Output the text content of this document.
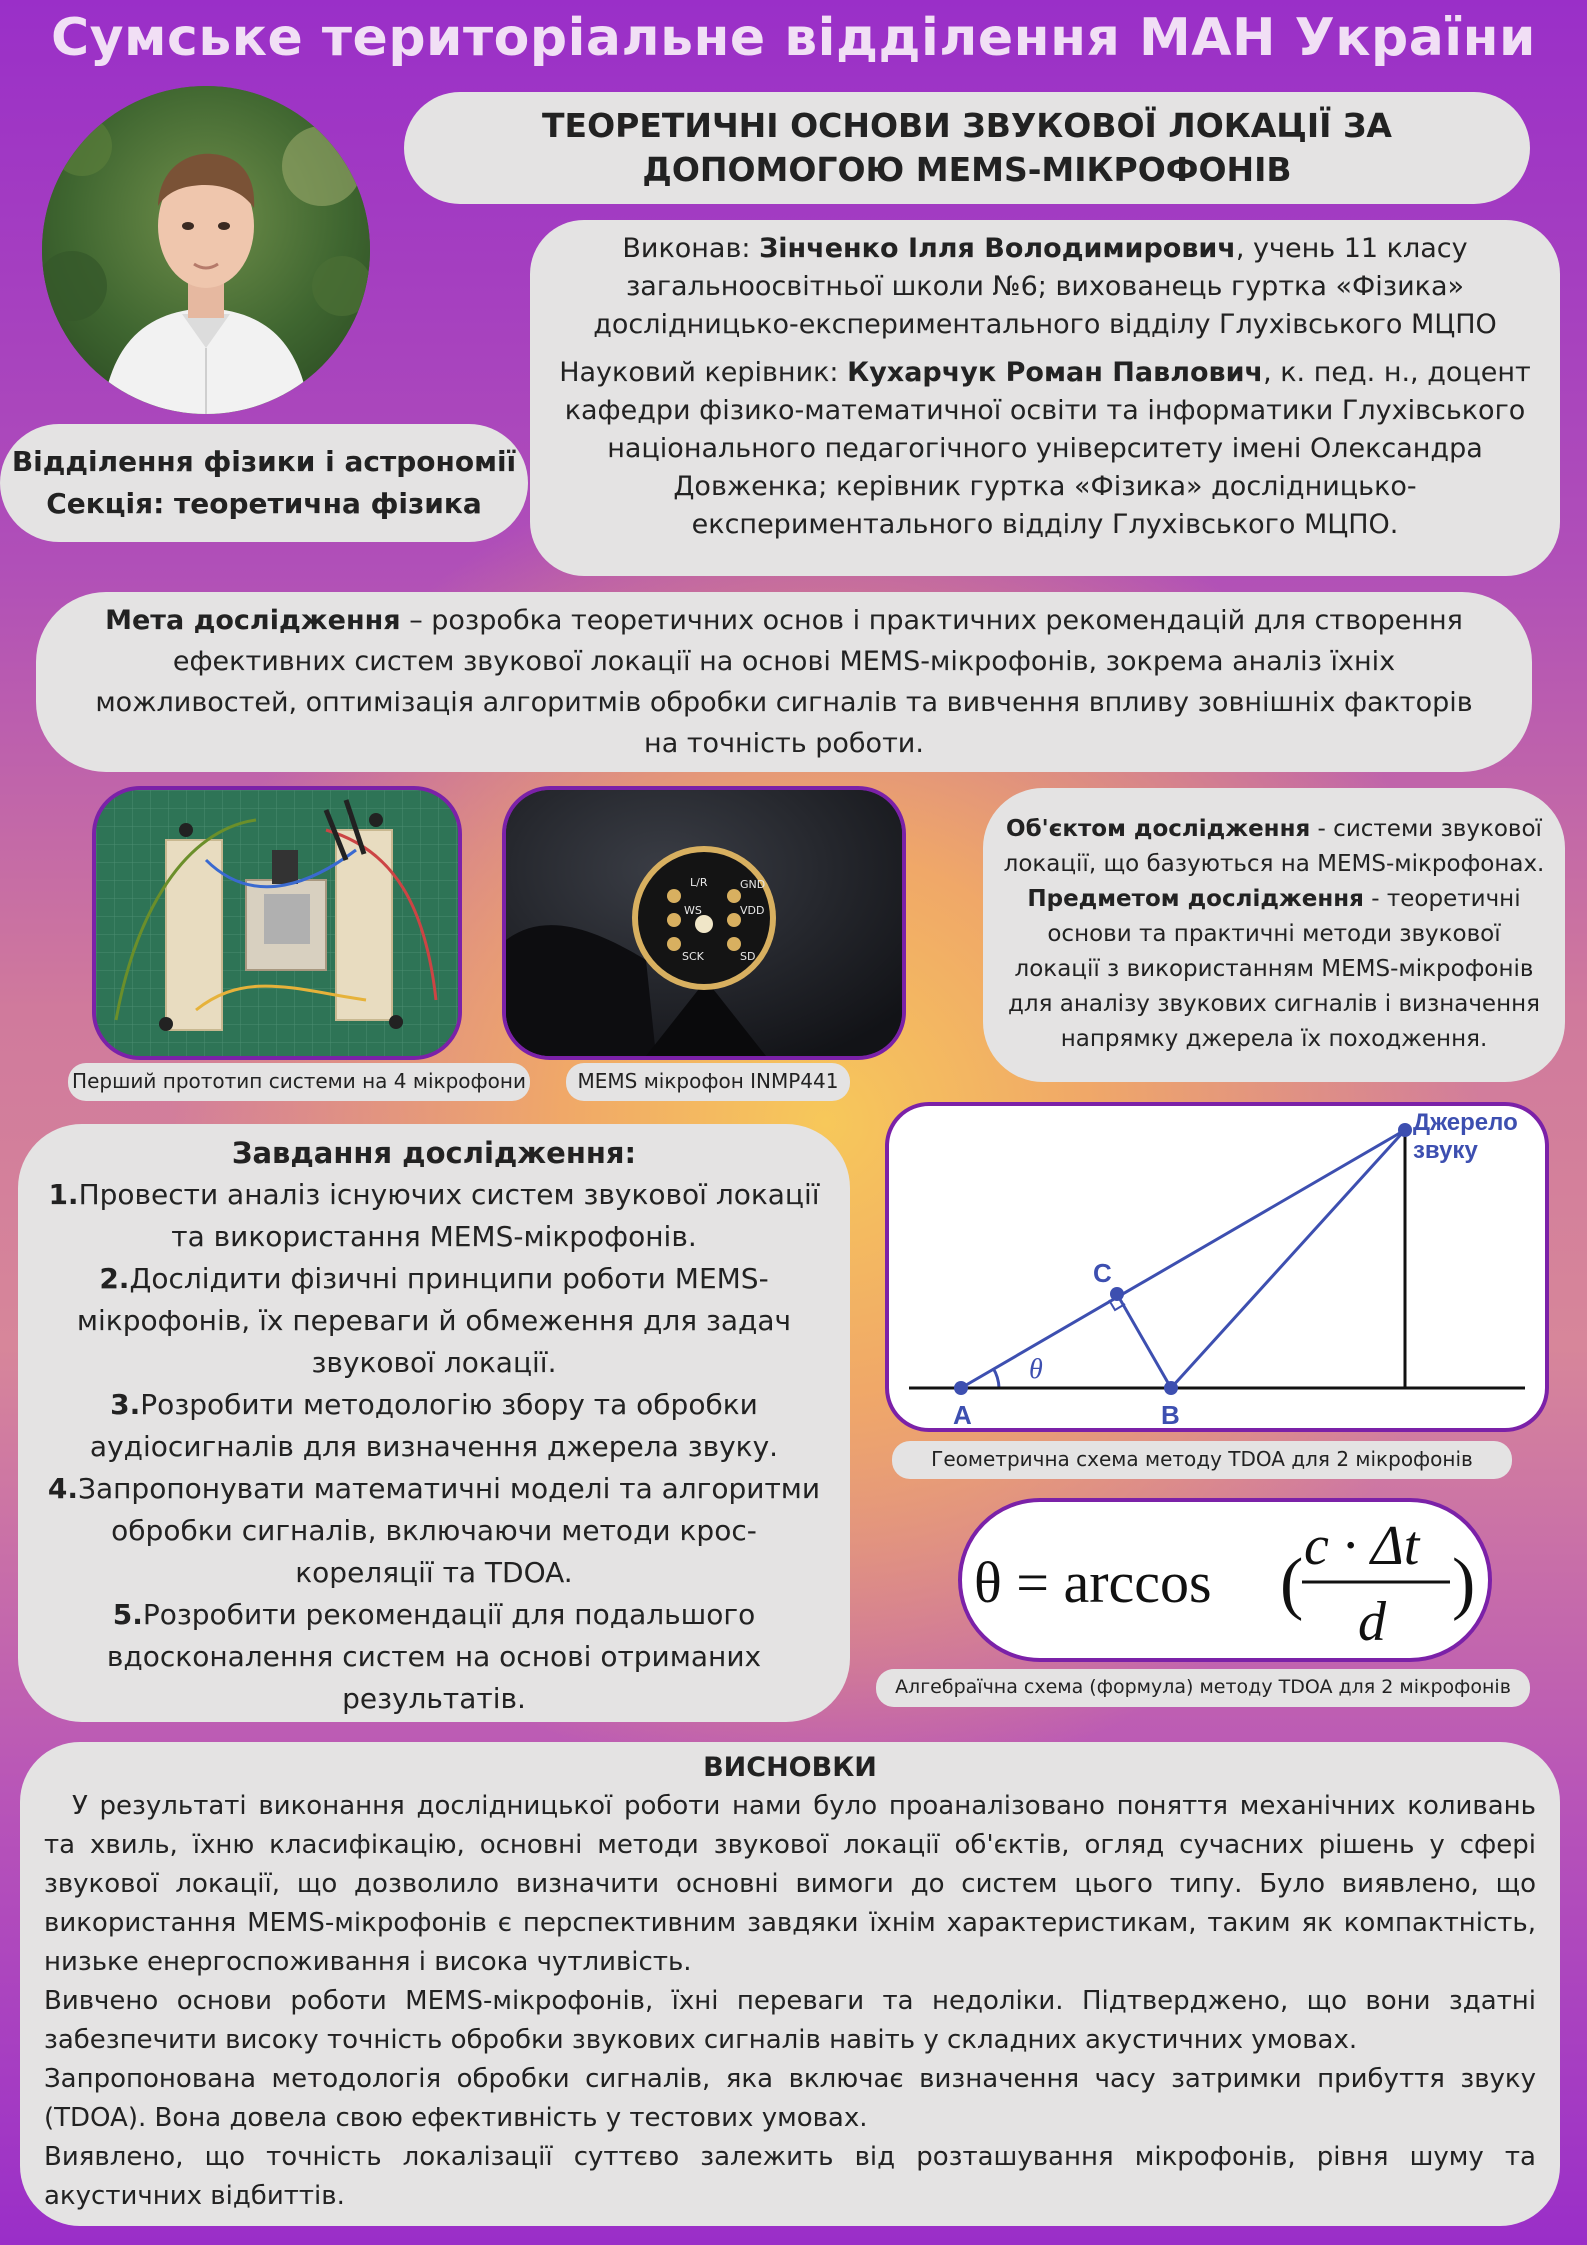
Сумське територіальне відділення МАН України
ТЕОРЕТИЧНІ ОСНОВИ ЗВУКОВОЇ ЛОКАЦІЇ ЗА ДОПОМОГОЮ MEMS-МІКРОФОНІВ
Відділення фізики і астрономії
Секція: теоретична фізика

Виконав: Зінченко Ілля Володимирович, учень 11 класу загальноосвітньої школи №6; вихованець гуртка «Фізика» дослідницько-експериментального відділу Глухівського МЦПО

Науковий керівник: Кухарчук Роман Павлович, к. пед. н., доцент кафедри фізико-математичної освіти та інформатики Глухівського національного педагогічного університету імені Олександра Довженка; керівник гуртка «Фізика» дослідницько-експериментального відділу Глухівського МЦПО.

Мета дослідження – розробка теоретичних основ і практичних рекомендацій для створення ефективних систем звукової локації на основі MEMS-мікрофонів, зокрема аналіз їхніх можливостей, оптимізація алгоритмів обробки сигналів та вивчення впливу зовнішніх факторів на точність роботи.
Перший прототип системи на 4 мікрофони
L/R
WS
SCK
GND
VDD
SD
MEMS мікрофон INMP441
Об'єктом дослідження - системи звукової локації, що базуються на MEMS-мікрофонах.
Предметом дослідження - теоретичні основи та практичні методи звукової локації з використанням MEMS-мікрофонів для аналізу звукових сигналів і визначення напрямку джерела їх походження.
Завдання дослідження:
1.Провести аналіз існуючих систем звукової локації та використання MEMS-мікрофонів.
2.Дослідити фізичні принципи роботи MEMS-мікрофонів, їх переваги й обмеження для задач звукової локації.
3.Розробити методологію збору та обробки аудіосигналів для визначення джерела звуку.
4.Запропонувати математичні моделі та алгоритми обробки сигналів, включаючи методи крос-кореляції та TDOA.
5.Розробити рекомендації для подальшого вдосконалення систем на основі отриманих результатів.
A	B
C
θ
Джерело
звуку
Геометрична схема методу TDOA для 2 мікрофонів
θ = arccos ( c · Δt
d )
Алгебраїчна схема (формула) методу TDOA для 2 мікрофонів
ВИСНОВКИ

У результаті виконання дослідницької роботи нами було проаналізовано поняття механічних коливань та хвиль, їхню класифікацію, основні методи звукової локації об'єктів, огляд сучасних рішень у сфері звукової локації, що дозволило визначити основні вимоги до систем цього типу. Було виявлено, що використання MEMS-мікрофонів є перспективним завдяки їхнім характеристикам, таким як компактність, низьке енергоспоживання і висока чутливість.

Вивчено основи роботи MEMS-мікрофонів, їхні переваги та недоліки. Підтверджено, що вони здатні забезпечити високу точність обробки звукових сигналів навіть у складних акустичних умовах.

Запропонована методологія обробки сигналів, яка включає визначення часу затримки прибуття звуку (TDOA). Вона довела свою ефективність у тестових умовах.

Виявлено, що точність локалізації суттєво залежить від розташування мікрофонів, рівня шуму та акустичних відбиттів.
